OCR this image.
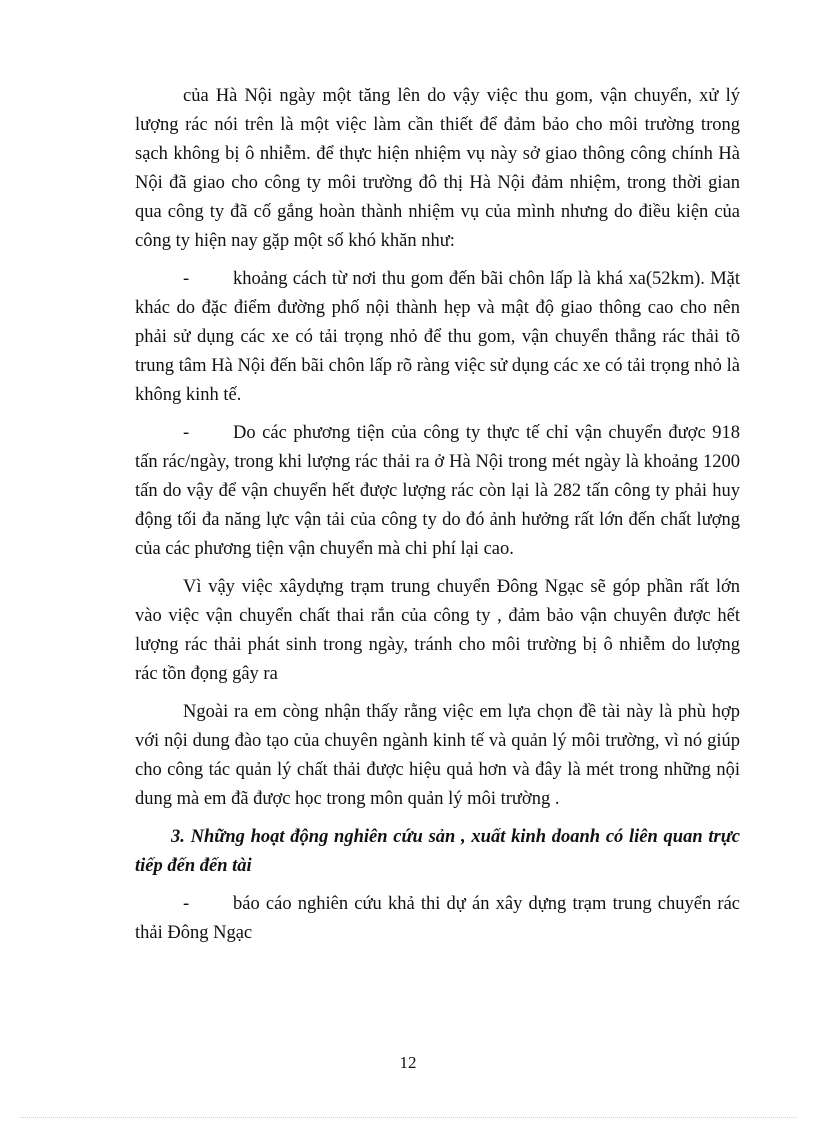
của Hà Nội ngày một tăng lên do vậy việc thu gom, vận chuyển, xử lý lượng rác nói trên là một việc làm cần thiết để đảm bảo cho môi trường trong sạch không bị ô nhiễm. để thực hiện nhiệm vụ này sở giao thông công chính Hà Nội đã giao cho công ty môi trường đô thị Hà Nội đảm nhiệm, trong thời gian qua công ty đã cố gắng hoàn thành nhiệm vụ của mình nhưng do điều kiện của công ty hiện nay gặp một số khó khăn như:

- khoảng cách từ nơi thu gom đến bãi chôn lấp là khá xa(52km). Mặt khác do đặc điểm đường phố nội thành hẹp và mật độ giao thông cao cho nên phải sử dụng các xe có tải trọng nhỏ để thu gom, vận chuyển thẳng rác thải tõ trung tâm Hà Nội đến bãi chôn lấp rõ ràng việc sử dụng các xe có tải trọng nhỏ là không kinh tế.

- Do các phương tiện của công ty thực tế chỉ vận chuyển được 918 tấn rác/ngày, trong khi lượng rác thải ra ở Hà Nội trong mét ngày là khoảng 1200 tấn do vậy để vận chuyển hết được lượng rác còn lại là 282 tấn công ty phải huy động tối đa năng lực vận tải của công ty do đó ảnh hưởng rất lớn đến chất lượng của các phương tiện vận chuyển mà chi phí lại cao.

Vì vậy việc xâydựng trạm trung chuyển Đông Ngạc sẽ góp phần rất lớn vào việc vận chuyển chất thai rắn của công ty , đảm bảo vận chuyên được hết lượng rác thải phát sinh trong ngày, tránh cho môi trường bị ô nhiễm do lượng rác tồn đọng gây ra

Ngoài ra em còng nhận thấy rằng việc em lựa chọn đề tài này là phù hợp với nội dung đào tạo của chuyên ngành kinh tế và quản lý môi trường, vì nó giúp cho công tác quản lý chất thải được hiệu quả hơn và đây là mét trong những nội dung mà em đã được học trong môn quản lý môi trường .

3. Những hoạt động nghiên cứu sản , xuất kinh doanh có liên quan trực tiếp đến đến tài

- báo cáo nghiên cứu khả thi dự án xây dựng trạm trung chuyển rác thải Đông Ngạc

12
